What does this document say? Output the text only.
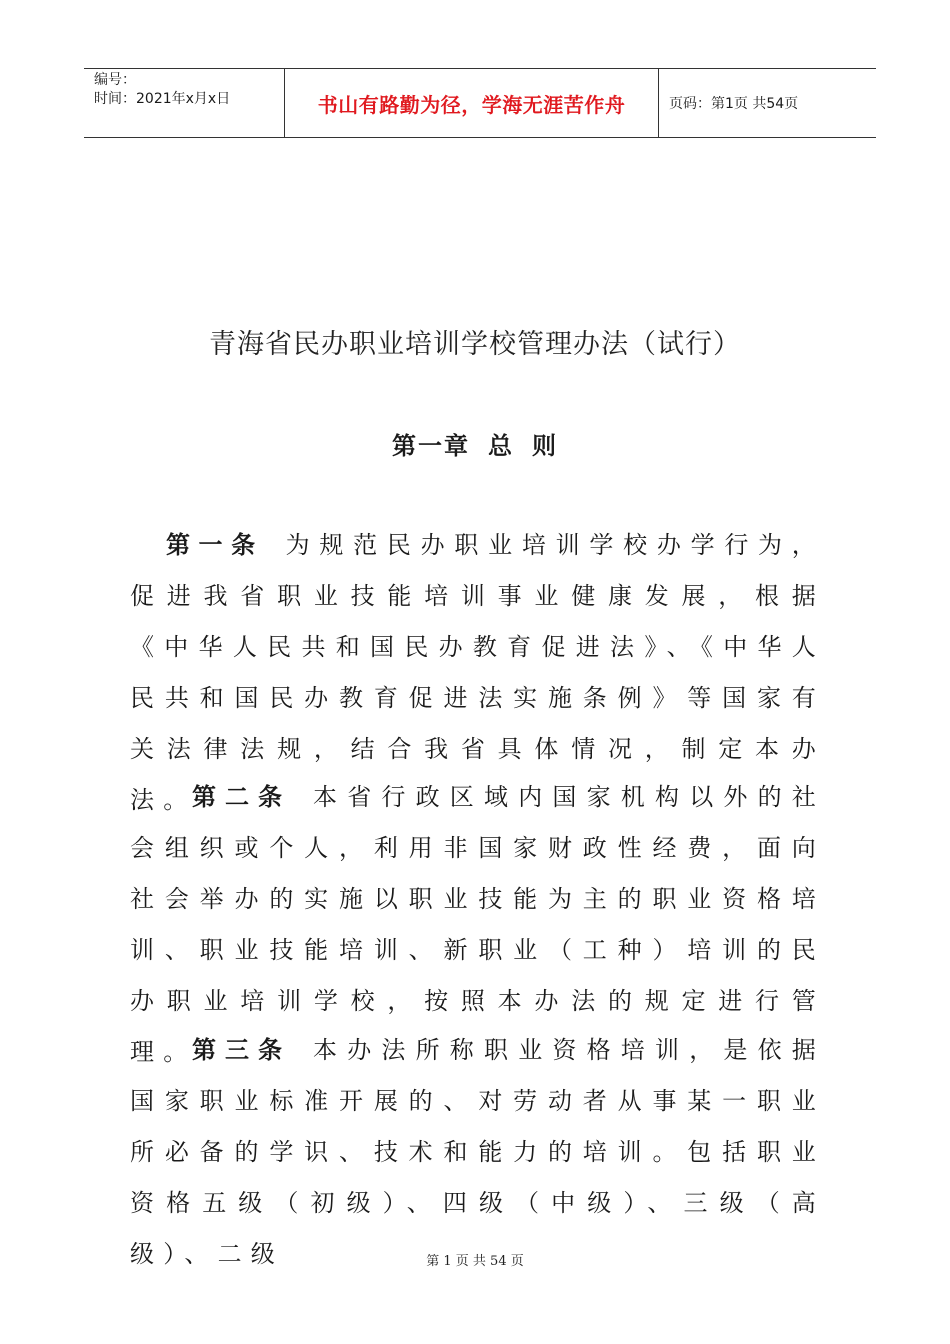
编号：
时间：2021年x月x日	书山有路勤为径，学海无涯苦作舟	页码：第1页 共54页
青海省民办职业培训学校管理办法（试行）
第一章 总 则
第一条 为规范民办职业培训学校办学行为，促进我省职业技能培训事业健康发展，根据《中华人民共和国民办教育促进法》、《中华人民共和国民办教育促进法实施条例》等国家有关法律法规，结合我省具体情况，制定本办法。
第二条 本省行政区域内国家机构以外的社会组织或个人，利用非国家财政性经费，面向社会举办的实施以职业技能为主的职业资格培训、职业技能培训、新职业（工种）培训的民办职业培训学校，按照本办法的规定进行管理。
第三条 本办法所称职业资格培训，是依据国家职业标准开展的、对劳动者从事某一职业所必备的学识、技术和能力的培训。包括职业资格五级（初级）、四级（中级）、三级（高级）、二级	第 1 页 共 54 页
